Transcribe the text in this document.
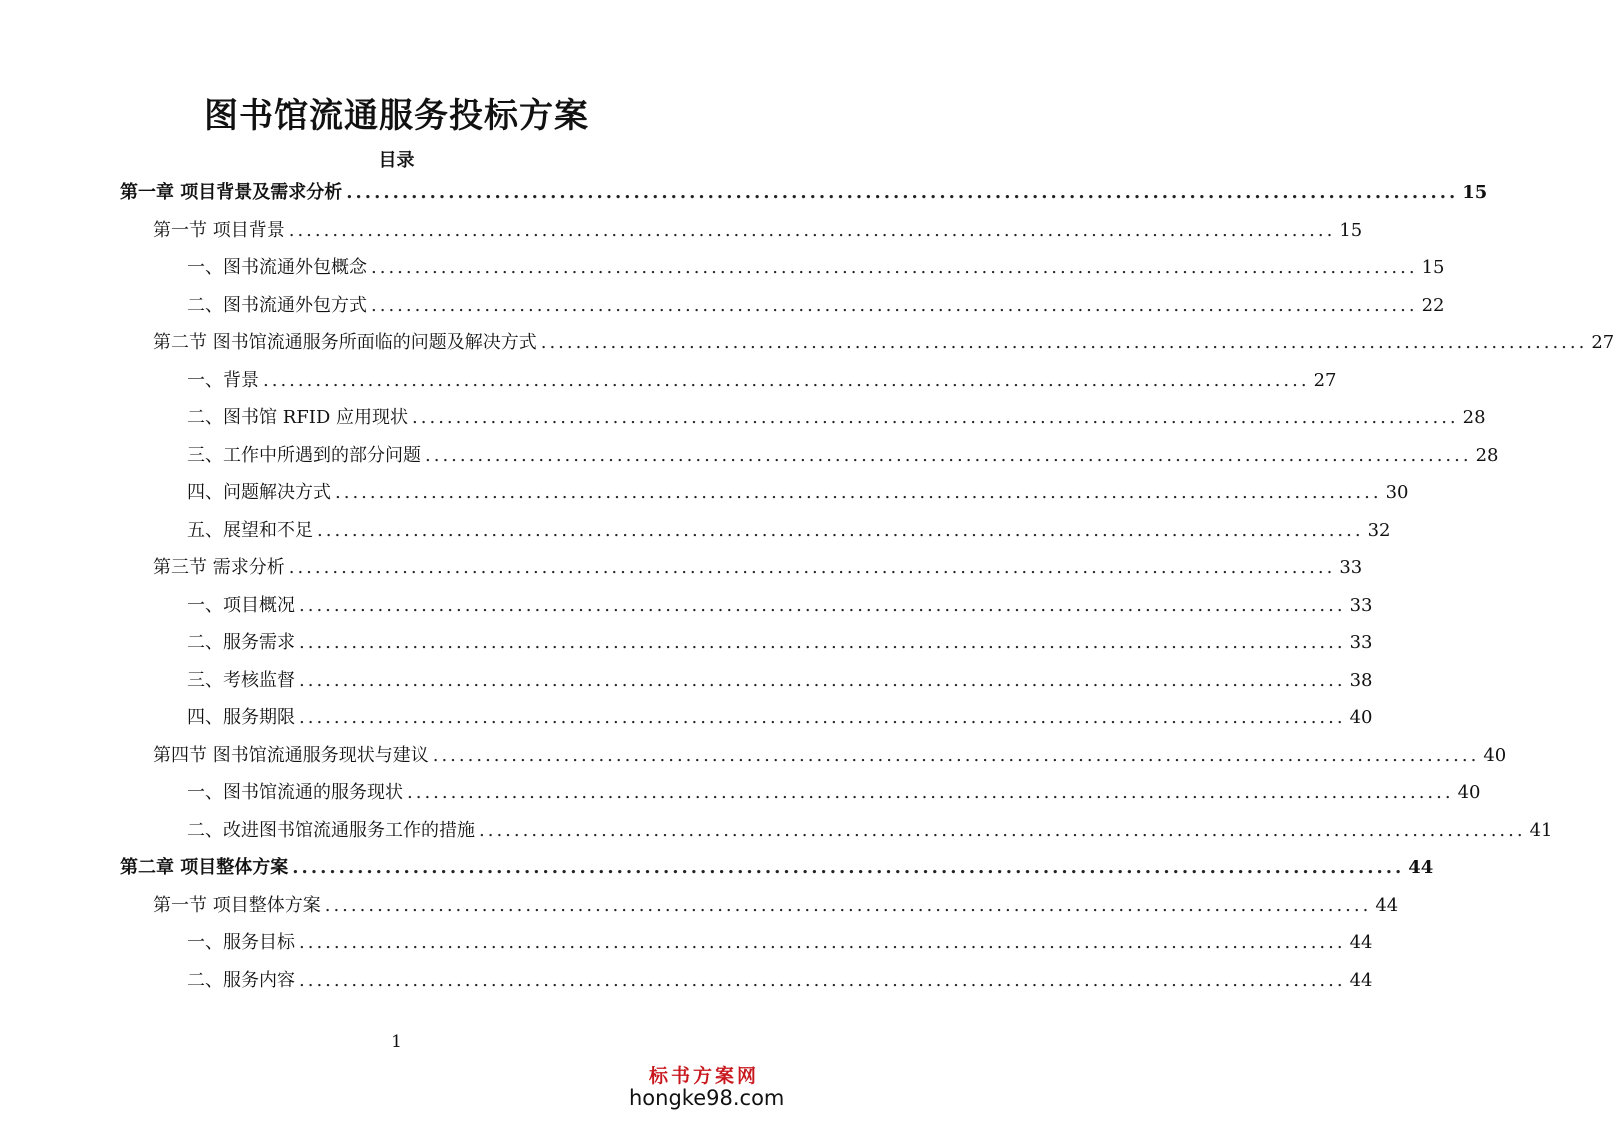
图书馆流通服务投标方案
目录
第一章 项目背景及需求分析 ........................................................................................................................ 15
第一节 项目背景 ........................................................................................................................ 15
一、图书流通外包概念 ........................................................................................................................ 15
二、图书流通外包方式 ........................................................................................................................ 22
第二节 图书馆流通服务所面临的问题及解决方式 ........................................................................................................................ 27
一、背景 ........................................................................................................................ 27
二、图书馆 RFID 应用现状 ........................................................................................................................ 28
三、工作中所遇到的部分问题 ........................................................................................................................ 28
四、问题解决方式 ........................................................................................................................ 30
五、展望和不足 ........................................................................................................................ 32
第三节 需求分析 ........................................................................................................................ 33
一、项目概况 ........................................................................................................................ 33
二、服务需求 ........................................................................................................................ 33
三、考核监督 ........................................................................................................................ 38
四、服务期限 ........................................................................................................................ 40
第四节 图书馆流通服务现状与建议 ........................................................................................................................ 40
一、图书馆流通的服务现状 ........................................................................................................................ 40
二、改进图书馆流通服务工作的措施 ........................................................................................................................ 41
第二章 项目整体方案 ........................................................................................................................ 44
第一节 项目整体方案 ........................................................................................................................ 44
一、服务目标 ........................................................................................................................ 44
二、服务内容 ........................................................................................................................ 44
1
标书方案网
hongke98.com
